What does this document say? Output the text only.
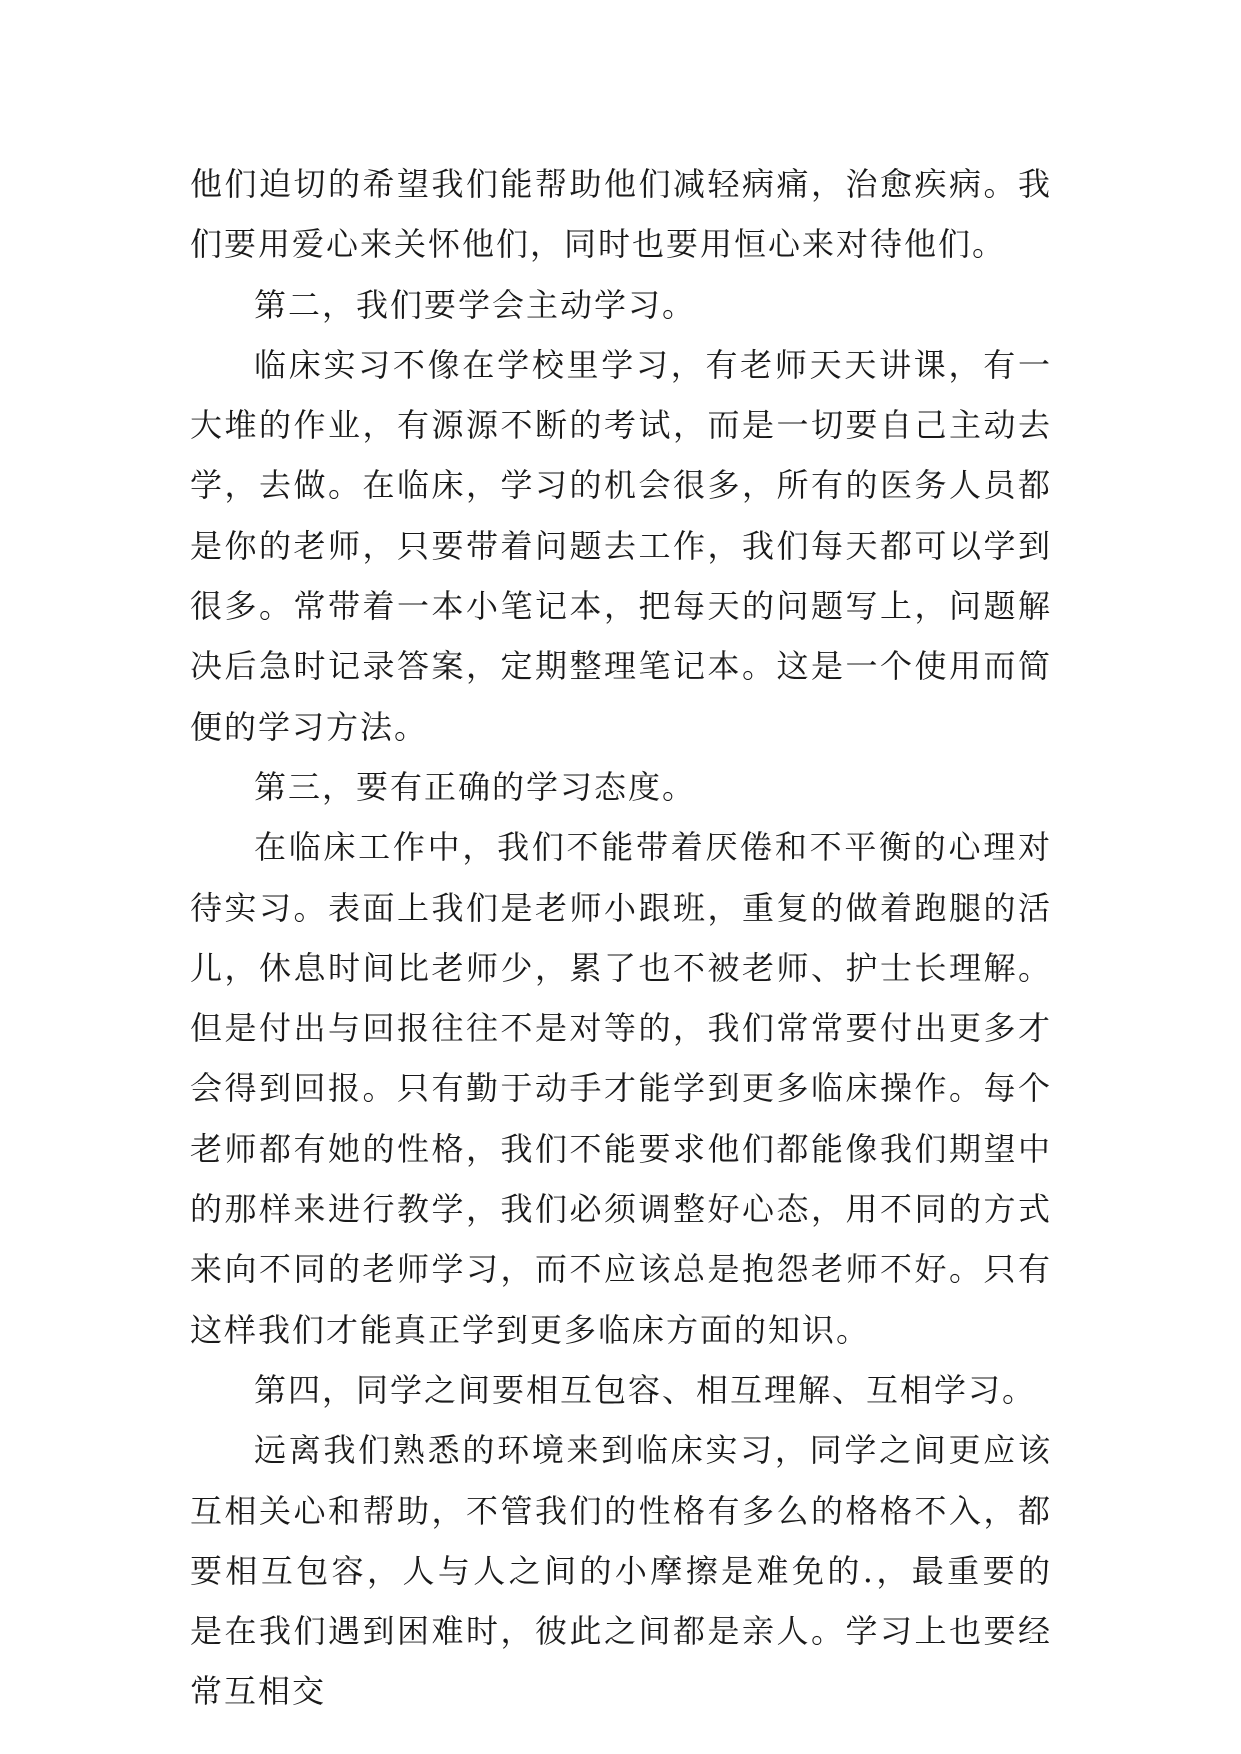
他们迫切的希望我们能帮助他们减轻病痛，治愈疾病。我们要用爱心来关怀他们，同时也要用恒心来对待他们。

第二，我们要学会主动学习。

临床实习不像在学校里学习，有老师天天讲课，有一大堆的作业，有源源不断的考试，而是一切要自己主动去学，去做。在临床，学习的机会很多，所有的医务人员都是你的老师，只要带着问题去工作，我们每天都可以学到很多。常带着一本小笔记本，把每天的问题写上，问题解决后急时记录答案，定期整理笔记本。这是一个使用而简便的学习方法。

第三，要有正确的学习态度。

在临床工作中，我们不能带着厌倦和不平衡的心理对待实习。表面上我们是老师小跟班，重复的做着跑腿的活儿，休息时间比老师少，累了也不被老师、护士长理解。但是付出与回报往往不是对等的，我们常常要付出更多才会得到回报。只有勤于动手才能学到更多临床操作。每个老师都有她的性格，我们不能要求他们都能像我们期望中的那样来进行教学，我们必须调整好心态，用不同的方式来向不同的老师学习，而不应该总是抱怨老师不好。只有这样我们才能真正学到更多临床方面的知识。

第四，同学之间要相互包容、相互理解、互相学习。

远离我们熟悉的环境来到临床实习，同学之间更应该互相关心和帮助，不管我们的性格有多么的格格不入，都要相互包容，人与人之间的小摩擦是难免的.，最重要的是在我们遇到困难时，彼此之间都是亲人。学习上也要经常互相交
